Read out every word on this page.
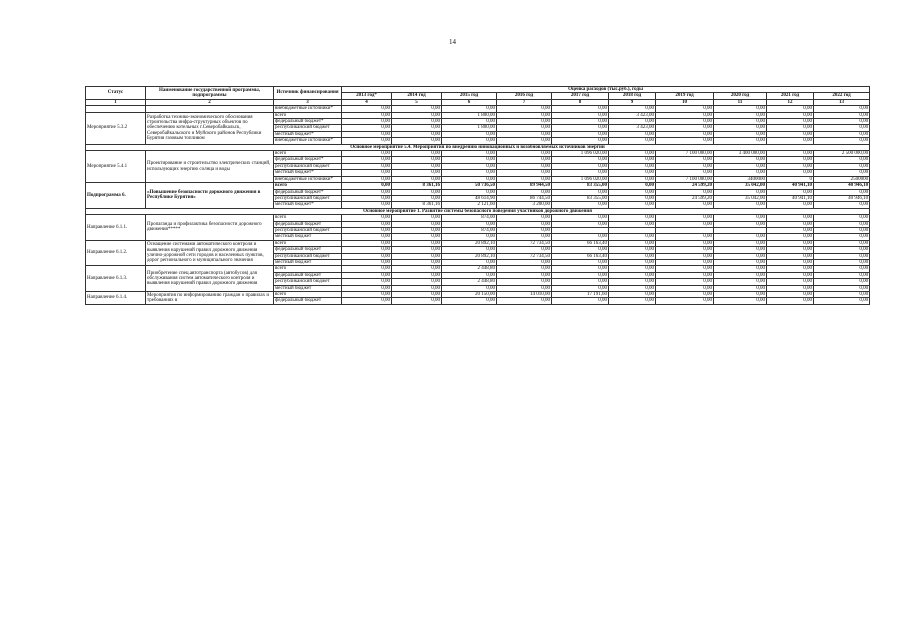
14
Статус	Наименование государственной программы, подпрограммы	Источник финансирования	Оценка расходов (тыс.руб.), годы									
			2013 год*	2014 год	2015 год	2016 год	2017 год	2018 год	2019 год	2020 год	2021 год	2022 год
1	2	3	4	5	6	7	8	9	10	11	12	13
		внебюджетные источники*	0,00	0,00	0,00	0,00	0,00	0,00	0,00	0,00	0,00	0,00
Мероприятие 5.3.2	Разработка технико-экономического обоснования строительства инфра-структурных объектов по обеспечению котельных г.Северобайкальск, Северобайкальского и Муйского районов Республики Бурятия газовым топливом	всего	0,00	0,00	1 800,00	0,00	0,00	3 423,00	0,00	0,00	0,00	0,00
		федеральный бюджет*	0,00	0,00	0,00	0,00	0,00	0,00	0,00	0,00	0,00	0,00
		республиканский бюджет	0,00	0,00	1 800,00	0,00	0,00	3 423,00	0,00	0,00	0,00	0,00
		местный бюджет*	0,00	0,00	0,00	0,00	0,00	0,00	0,00	0,00	0,00	0,00
		внебюджетные источники*	0,00	0,00	0,00	0,00	0,00	0,00	0,00	0,00	0,00	0,00
Основное мероприятие 5.4. Мероприятия по внедрению инновационных и возобновляемых источников энергии												
Мероприятие 5.4.1	Проектирование и строительство электрических станций, использующих энергию солнца и воды	всего	0,00	0,00	0,00	0,00	1 096 020,00	0,00	7 100 000,00	3 400 000,00	0,00	2 500 000,00
		федеральный бюджет*	0,00	0,00	0,00	0,00	0,00	0,00	0,00	0,00	0,00	0,00
		республиканский бюджет	0,00	0,00	0,00	0,00	0,00	0,00	0,00	0,00	0,00	0,00
		местный бюджет*	0,00	0,00	0,00	0,00	0,00	0,00	0,00	0,00	0,00	0,00
		внебюджетные источники*	0,00	0,00	0,00	0,00	1 096 020,00	0,00	7 100 000,00	3400000	0	2500000
Подпрограмма 6.	«Повышение безопасности дорожного движения в Республике Бурятия»	всего	0,00	8 361,16	50 736,50	89 944,50	83 355,00	0,00	24 599,20	35 042,00	40 941,10	40 946,10
		федеральный бюджет*	0,00	0,00	0,00	0,00	0,00	0,00	0,00	0,00	0,00	0,00
		республиканский бюджет	0,00	0,00	48 614,90	86 744,50	83 355,00	0,00	24 599,20	35 042,00	40 941,10	40 946,10
		местный бюджет*	0,00	8 361,16	2 121,60	3 200,00	0,00	0,00	0,00	0,00	0,00	0,00
Основное мероприятие 1. Развитие системы безопасного поведения участников дорожного движения												
Направление 6.1.1.	Пропаганда и профилактика безопасности дорожного движения*****	всего	0,00	0,00	874,00	0,00	0,00	0,00	0,00	0,00	0,00	0,00
		федеральный бюджет	0,00	0,00	0,00	0,00	0,00	0,00	0,00	0,00	0,00	0,00
		республиканский бюджет	0,00	0,00	874,00	0,00					0,00	0,00
		местный бюджет	0,00	0,00	0,00	0,00	0,00	0,00	0,00	0,00	0,00	0,00
Направление 6.1.2.	Оснащение системами автоматического контроля и выявления нарушений правил дорожного движения улично-дорожной сети городов и населенных пунктов, дорог регионального и муниципального значения	всего	0,00	0,00	20 892,10	72 734,50	66 163,40	0,00	0,00	0,00	0,00	0,00
		федеральный бюджет	0,00	0,00	0,00	0,00	0,00	0,00	0,00	0,00	0,00	0,00
		республиканский бюджет	0,00	0,00	20 892,10	72 734,50	66 163,40	0,00	0,00	0,00	0,00	0,00
		местный бюджет	0,00	0,00	0,00	0,00	0,00	0,00	0,00	0,00	0,00	0,00
Направление 6.1.3.	Приобретение спец.автотранспорта (автобусов) для обслуживания систем автоматического контроля и выявления нарушений правил дорожного движения	всего	0,00	0,00	2 448,80	0,00	0,00	0,00	0,00	0,00	0,00	0,00
		федеральный бюджет	0,00	0,00	0,00	0,00	0,00	0,00	0,00	0,00	0,00	0,00
		республиканский бюджет	0,00	0,00	2 448,80	0,00	0,00	0,00	0,00	0,00	0,00	0,00
		местный бюджет	0,00	0,00	0,00	0,00	0,00	0,00	0,00	0,00	0,00	0,00
Направление 6.1.4.	Мероприятия по информированию граждан о правилах и требованиях в	всего	0,00	0,00	20 150,00	14 010,00	17 191,60	0,00	0,00	0,00	0,00	0,00
		федеральный бюджет	0,00	0,00	0,00	0,00	0,00	0,00	0,00	0,00	0,00	0,00
